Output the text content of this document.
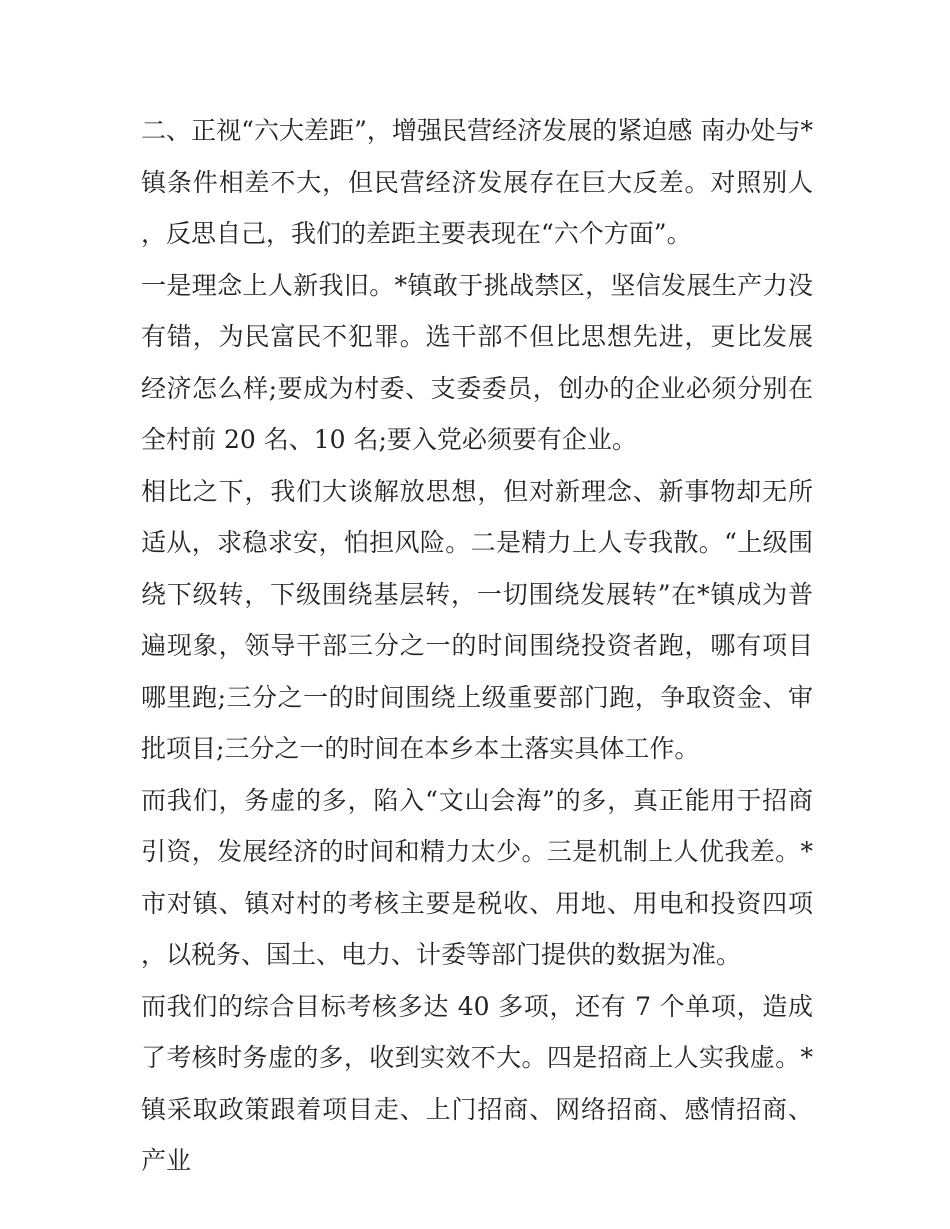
二、正视“六大差距”，增强民营经济发展的紧迫感 南办处与*镇条件相差不大，但民营经济发展存在巨大反差。对照别人，反思自己，我们的差距主要表现在“六个方面”。

一是理念上人新我旧。*镇敢于挑战禁区，坚信发展生产力没有错，为民富民不犯罪。选干部不但比思想先进，更比发展经济怎么样;要成为村委、支委委员，创办的企业必须分别在全村前 20 名、10 名;要入党必须要有企业。

相比之下，我们大谈解放思想，但对新理念、新事物却无所适从，求稳求安，怕担风险。二是精力上人专我散。“上级围绕下级转，下级围绕基层转，一切围绕发展转”在*镇成为普遍现象，领导干部三分之一的时间围绕投资者跑，哪有项目哪里跑;三分之一的时间围绕上级重要部门跑，争取资金、审批项目;三分之一的时间在本乡本土落实具体工作。

而我们，务虚的多，陷入“文山会海”的多，真正能用于招商引资，发展经济的时间和精力太少。三是机制上人优我差。*市对镇、镇对村的考核主要是税收、用地、用电和投资四项，以税务、国土、电力、计委等部门提供的数据为准。

而我们的综合目标考核多达 40 多项，还有 7 个单项，造成了考核时务虚的多，收到实效不大。四是招商上人实我虚。*镇采取政策跟着项目走、上门招商、网络招商、感情招商、产业
